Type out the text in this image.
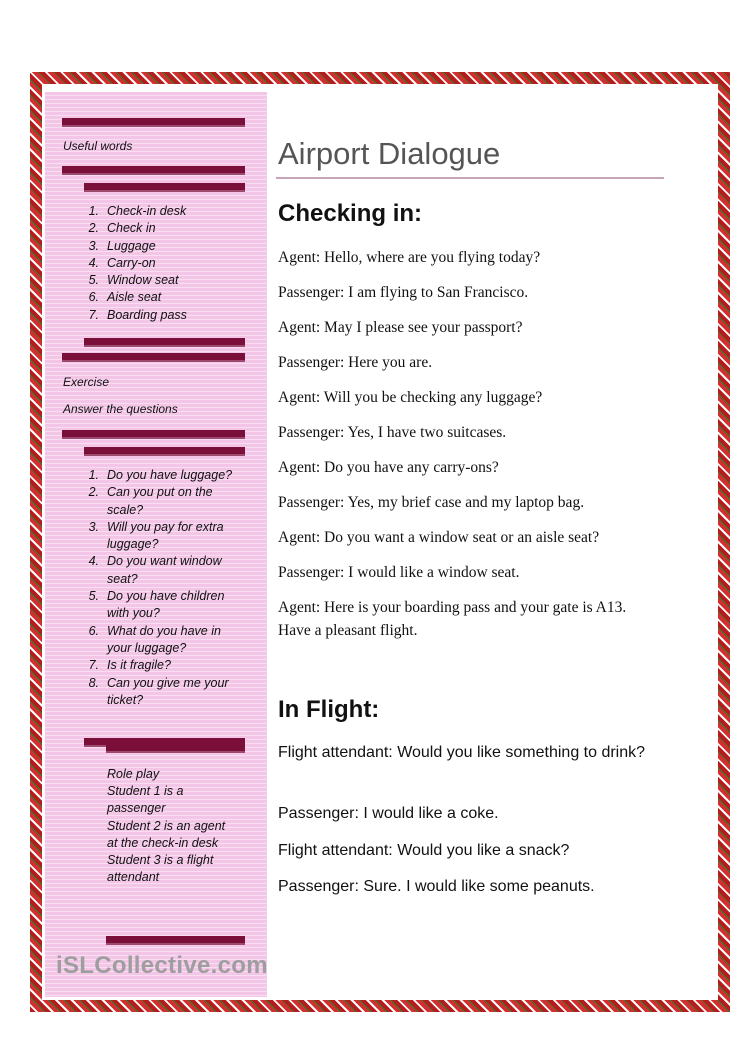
Useful words
1. Check-in desk
2. Check in
3. Luggage
4. Carry-on
5. Window seat
6. Aisle seat
7. Boarding pass
Exercise
Answer the questions
1. Do you have luggage?
2. Can you put on the scale?
3. Will you pay for extra luggage?
4. Do you want window seat?
5. Do you have children with you?
6. What do you have in your luggage?
7. Is it fragile?
8. Can you give me your ticket?
Role play
Student 1 is a
passenger
Student 2 is an agent
at the check-in desk
Student 3 is a flight
attendant
Airport Dialogue
Checking in:
Agent: Hello, where are you flying today?
Passenger: I am flying to San Francisco.
Agent: May I please see your passport?
Passenger: Here you are.
Agent: Will you be checking any luggage?
Passenger: Yes, I have two suitcases.
Agent: Do you have any carry-ons?
Passenger: Yes, my brief case and my laptop bag.
Agent: Do you want a window seat or an aisle seat?
Passenger: I would like a window seat.
Agent: Here is your boarding pass and your gate is A13. Have a pleasant flight.
In Flight:
Flight attendant: Would you like something to drink?
Passenger: I would like a coke.
Flight attendant: Would you like a snack?
Passenger: Sure. I would like some peanuts.
iSLCollective.com
